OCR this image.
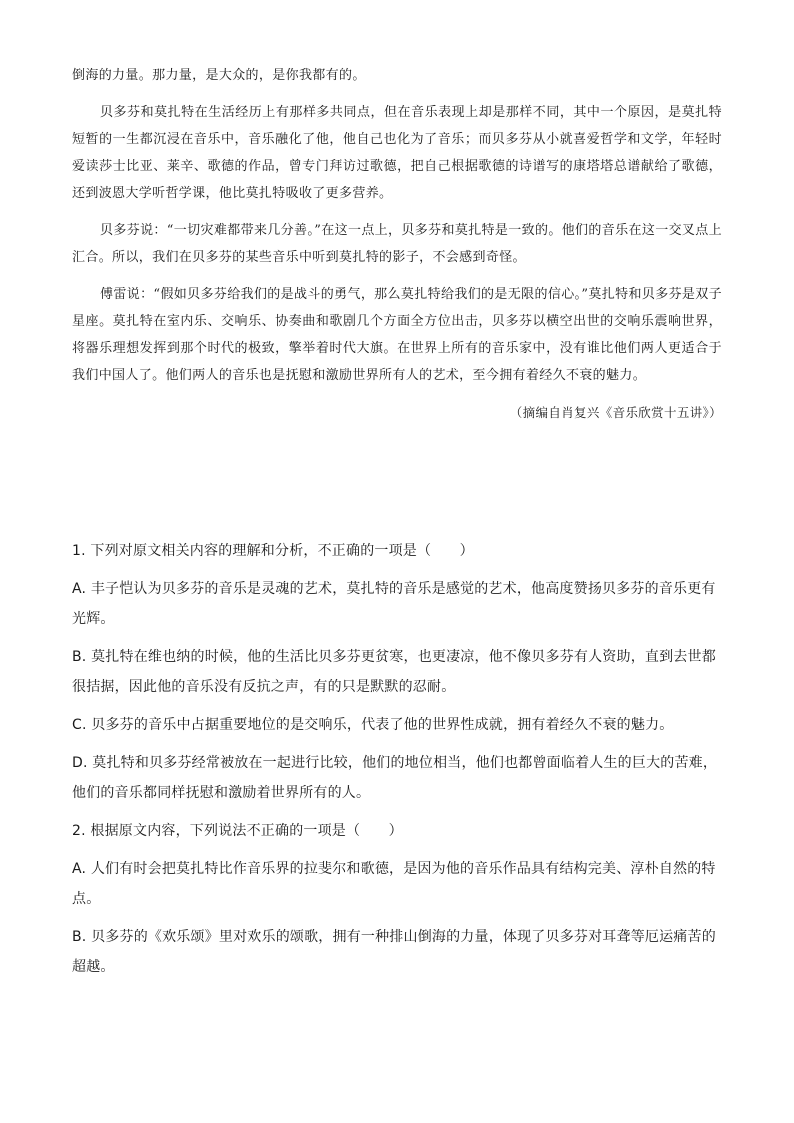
倒海的力量。那力量，是大众的，是你我都有的。

贝多芬和莫扎特在生活经历上有那样多共同点，但在音乐表现上却是那样不同，其中一个原因，是莫扎特短暂的一生都沉浸在音乐中，音乐融化了他，他自己也化为了音乐；而贝多芬从小就喜爱哲学和文学，年轻时爱读莎士比亚、莱辛、歌德的作品，曾专门拜访过歌德，把自己根据歌德的诗谱写的康塔塔总谱献给了歌德，还到波恩大学听哲学课，他比莫扎特吸收了更多营养。

贝多芬说：“一切灾难都带来几分善。”在这一点上，贝多芬和莫扎特是一致的。他们的音乐在这一交叉点上汇合。所以，我们在贝多芬的某些音乐中听到莫扎特的影子，不会感到奇怪。

傅雷说：“假如贝多芬给我们的是战斗的勇气，那么莫扎特给我们的是无限的信心。”莫扎特和贝多芬是双子星座。莫扎特在室内乐、交响乐、协奏曲和歌剧几个方面全方位出击，贝多芬以横空出世的交响乐震响世界，将器乐理想发挥到那个时代的极致，擎举着时代大旗。在世界上所有的音乐家中，没有谁比他们两人更适合于我们中国人了。他们两人的音乐也是抚慰和激励世界所有人的艺术，至今拥有着经久不衰的魅力。

（摘编自肖复兴《音乐欣赏十五讲》）

1. 下列对原文相关内容的理解和分析，不正确的一项是（　　）

A. 丰子恺认为贝多芬的音乐是灵魂的艺术，莫扎特的音乐是感觉的艺术，他高度赞扬贝多芬的音乐更有光辉。

B. 莫扎特在维也纳的时候，他的生活比贝多芬更贫寒，也更凄凉，他不像贝多芬有人资助，直到去世都很拮据，因此他的音乐没有反抗之声，有的只是默默的忍耐。

C. 贝多芬的音乐中占据重要地位的是交响乐，代表了他的世界性成就，拥有着经久不衰的魅力。

D. 莫扎特和贝多芬经常被放在一起进行比较，他们的地位相当，他们也都曾面临着人生的巨大的苦难，他们的音乐都同样抚慰和激励着世界所有的人。

2. 根据原文内容，下列说法不正确的一项是（　　）

A. 人们有时会把莫扎特比作音乐界的拉斐尔和歌德，是因为他的音乐作品具有结构完美、淳朴自然的特点。

B. 贝多芬的《欢乐颂》里对欢乐的颂歌，拥有一种排山倒海的力量，体现了贝多芬对耳聋等厄运痛苦的超越。
